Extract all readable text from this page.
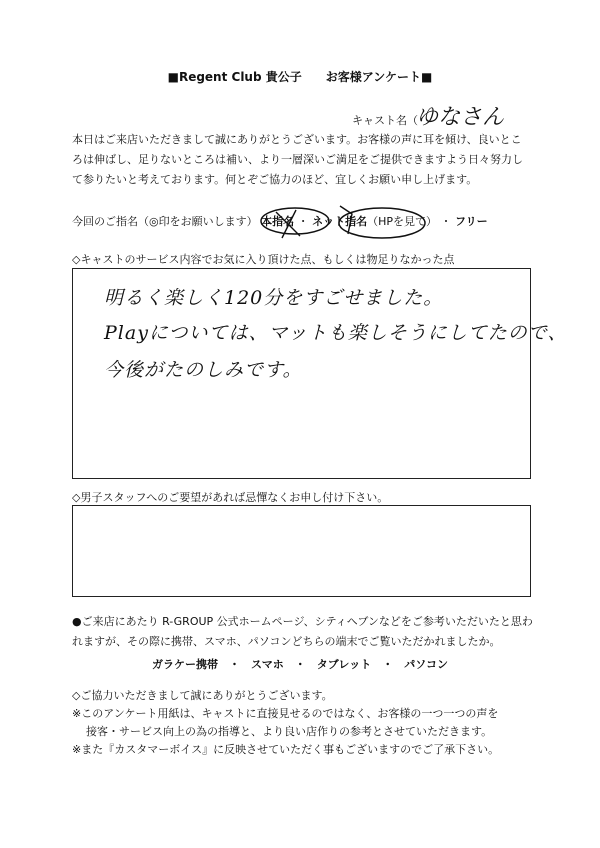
■Regent Club 貴公子　　お客様アンケート■
キャスト名（
ゆなさん
本日はご来店いただきまして誠にありがとうございます。お客様の声に耳を傾け、良いところは伸ばし、足りないところは補い、より一層深いご満足をご提供できますよう日々努力して参りたいと考えております。何とぞご協力のほど、宜しくお願い申し上げます。
今回のご指名（◎印をお願いします） 本指名 ・ ネット指名（HPを見て） ・ フリー
◇キャストのサービス内容でお気に入り頂けた点、もしくは物足りなかった点
明るく楽しく120分をすごせました。
Playについては、マットも楽しそうにしてたので、
今後がたのしみです。
◇男子スタッフへのご要望があれば忌憚なくお申し付け下さい。
●ご来店にあたり R-GROUP 公式ホームページ、シティヘブンなどをご参考いただいたと思われますが、その際に携帯、スマホ、パソコンどちらの端末でご覧いただかれましたか。
ガラケー携帯　・　スマホ　・　タブレット　・　パソコン
◇ご協力いただきまして誠にありがとうございます。
※このアンケート用紙は、キャストに直接見せるのではなく、お客様の一つ一つの声を
接客・サービス向上の為の指導と、より良い店作りの参考とさせていただきます。
※また『カスタマーボイス』に反映させていただく事もございますのでご了承下さい。
